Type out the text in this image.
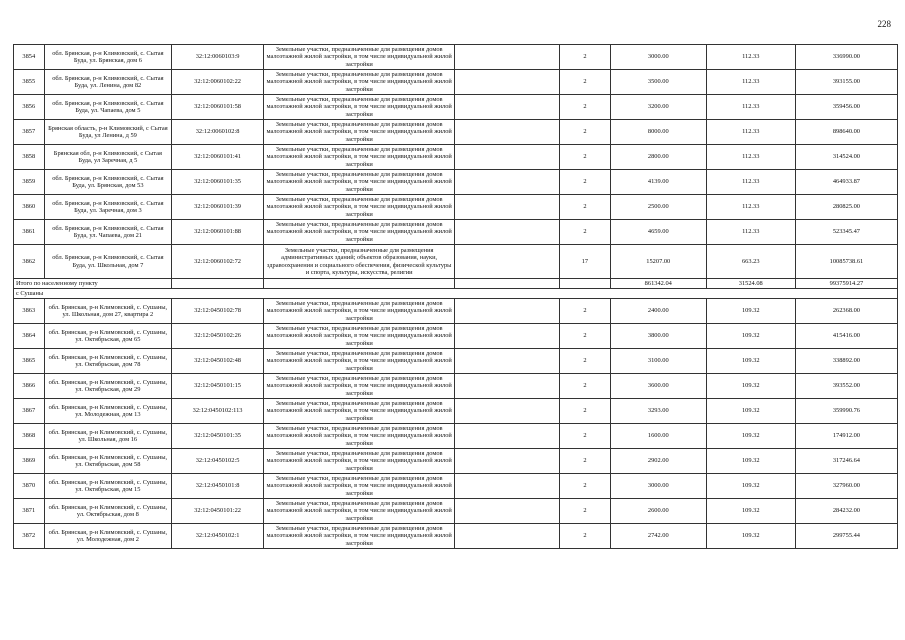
228
3854	обл. Брянская, р-н Климовский, с. Сытая Буда, ул. Брянская, дом 6	32:12:0060103:9	Земельные участки, предназначенные для размещения домов малоэтажной жилой застройки, в том числе индивидуальной жилой застройки		2	3000.00	112.33	336990.00
3855	обл. Брянская, р-н Климовский, с. Сытая Буда, ул. Ленина, дом 82	32:12:0060102:22	Земельные участки, предназначенные для размещения домов малоэтажной жилой застройки, в том числе индивидуальной жилой застройки		2	3500.00	112.33	393155.00
3856	обл. Брянская, р-н Климовский, с. Сытая Буда, ул. Чапаева, дом 5	32:12:0060101:58	Земельные участки, предназначенные для размещения домов малоэтажной жилой застройки, в том числе индивидуальной жилой застройки		2	3200.00	112.33	359456.00
3857	Брянская область, р-н Климовский, с Сытая Буда, ул Ленина, д 59	32:12:0060102:8	Земельные участки, предназначенные для размещения домов малоэтажной жилой застройки, в том числе индивидуальной жилой застройки		2	8000.00	112.33	898640.00
3858	Брянская обл, р-н Климовский, с Сытая Буда, ул Заречная, д 5	32:12:0060101:41	Земельные участки, предназначенные для размещения домов малоэтажной жилой застройки, в том числе индивидуальной жилой застройки		2	2800.00	112.33	314524.00
3859	обл. Брянская, р-н Климовский, с. Сытая Буда, ул. Брянская, дом 53	32:12:0060101:35	Земельные участки, предназначенные для размещения домов малоэтажной жилой застройки, в том числе индивидуальной жилой застройки		2	4139.00	112.33	464933.87
3860	обл. Брянская, р-н Климовский, с. Сытая Буда, ул. Заречная, дом 3	32:12:0060101:39	Земельные участки, предназначенные для размещения домов малоэтажной жилой застройки, в том числе индивидуальной жилой застройки		2	2500.00	112.33	280825.00
3861	обл. Брянская, р-н Климовский, с. Сытая Буда, ул. Чапаева, дом 21	32:12:0060101:88	Земельные участки, предназначенные для размещения домов малоэтажной жилой застройки, в том числе индивидуальной жилой застройки		2	4659.00	112.33	523345.47
3862	обл. Брянская, р-н Климовский, с. Сытая Буда, ул. Школьная, дом 7	32:12:0060102:72	Земельные участки, предназначенные для размещения административных зданий; объектов образования, науки, здравоохранения и социального обеспечения, физической культуры и спорта, культуры, искусства, религии		17	15207.00	663.23	10085738.61
Итого по населенному пункту						861342.04	31524.08	99375914.27
с Сушаны								
3863	обл. Брянская, р-н Климовский, с. Сушаны, ул. Школьная, дом 27, квартира 2	32:12:0450102:78	Земельные участки, предназначенные для размещения домов малоэтажной жилой застройки, в том числе индивидуальной жилой застройки		2	2400.00	109.32	262368.00
3864	обл. Брянская, р-н Климовский, с. Сушаны, ул. Октябрьская, дом 65	32:12:0450102:26	Земельные участки, предназначенные для размещения домов малоэтажной жилой застройки, в том числе индивидуальной жилой застройки		2	3800.00	109.32	415416.00
3865	обл. Брянская, р-н Климовский, с. Сушаны, ул. Октябрьская, дом 78	32:12:0450102:48	Земельные участки, предназначенные для размещения домов малоэтажной жилой застройки, в том числе индивидуальной жилой застройки		2	3100.00	109.32	338892.00
3866	обл. Брянская, р-н Климовский, с. Сушаны, ул. Октябрьская, дом 29	32:12:0450101:15	Земельные участки, предназначенные для размещения домов малоэтажной жилой застройки, в том числе индивидуальной жилой застройки		2	3600.00	109.32	393552.00
3867	обл. Брянская, р-н Климовский, с. Сушаны, ул. Молодежная, дом 13	32:12:0450102:113	Земельные участки, предназначенные для размещения домов малоэтажной жилой застройки, в том числе индивидуальной жилой застройки		2	3293.00	109.32	359990.76
3868	обл. Брянская, р-н Климовский, с. Сушаны, ул. Школьная, дом 16	32:12:0450101:35	Земельные участки, предназначенные для размещения домов малоэтажной жилой застройки, в том числе индивидуальной жилой застройки		2	1600.00	109.32	174912.00
3869	обл. Брянская, р-н Климовский, с. Сушаны, ул. Октябрьская, дом 58	32:12:0450102:5	Земельные участки, предназначенные для размещения домов малоэтажной жилой застройки, в том числе индивидуальной жилой застройки		2	2902.00	109.32	317246.64
3870	обл. Брянская, р-н Климовский, с. Сушаны, ул. Октябрьская, дом 15	32:12:0450101:8	Земельные участки, предназначенные для размещения домов малоэтажной жилой застройки, в том числе индивидуальной жилой застройки		2	3000.00	109.32	327960.00
3871	обл. Брянская, р-н Климовский, с. Сушаны, ул. Октябрьская, дом 8	32:12:0450101:22	Земельные участки, предназначенные для размещения домов малоэтажной жилой застройки, в том числе индивидуальной жилой застройки		2	2600.00	109.32	284232.00
3872	обл. Брянская, р-н Климовский, с. Сушаны, ул. Молодежная, дом 2	32:12:0450102:1	Земельные участки, предназначенные для размещения домов малоэтажной жилой застройки, в том числе индивидуальной жилой застройки		2	2742.00	109.32	299755.44
